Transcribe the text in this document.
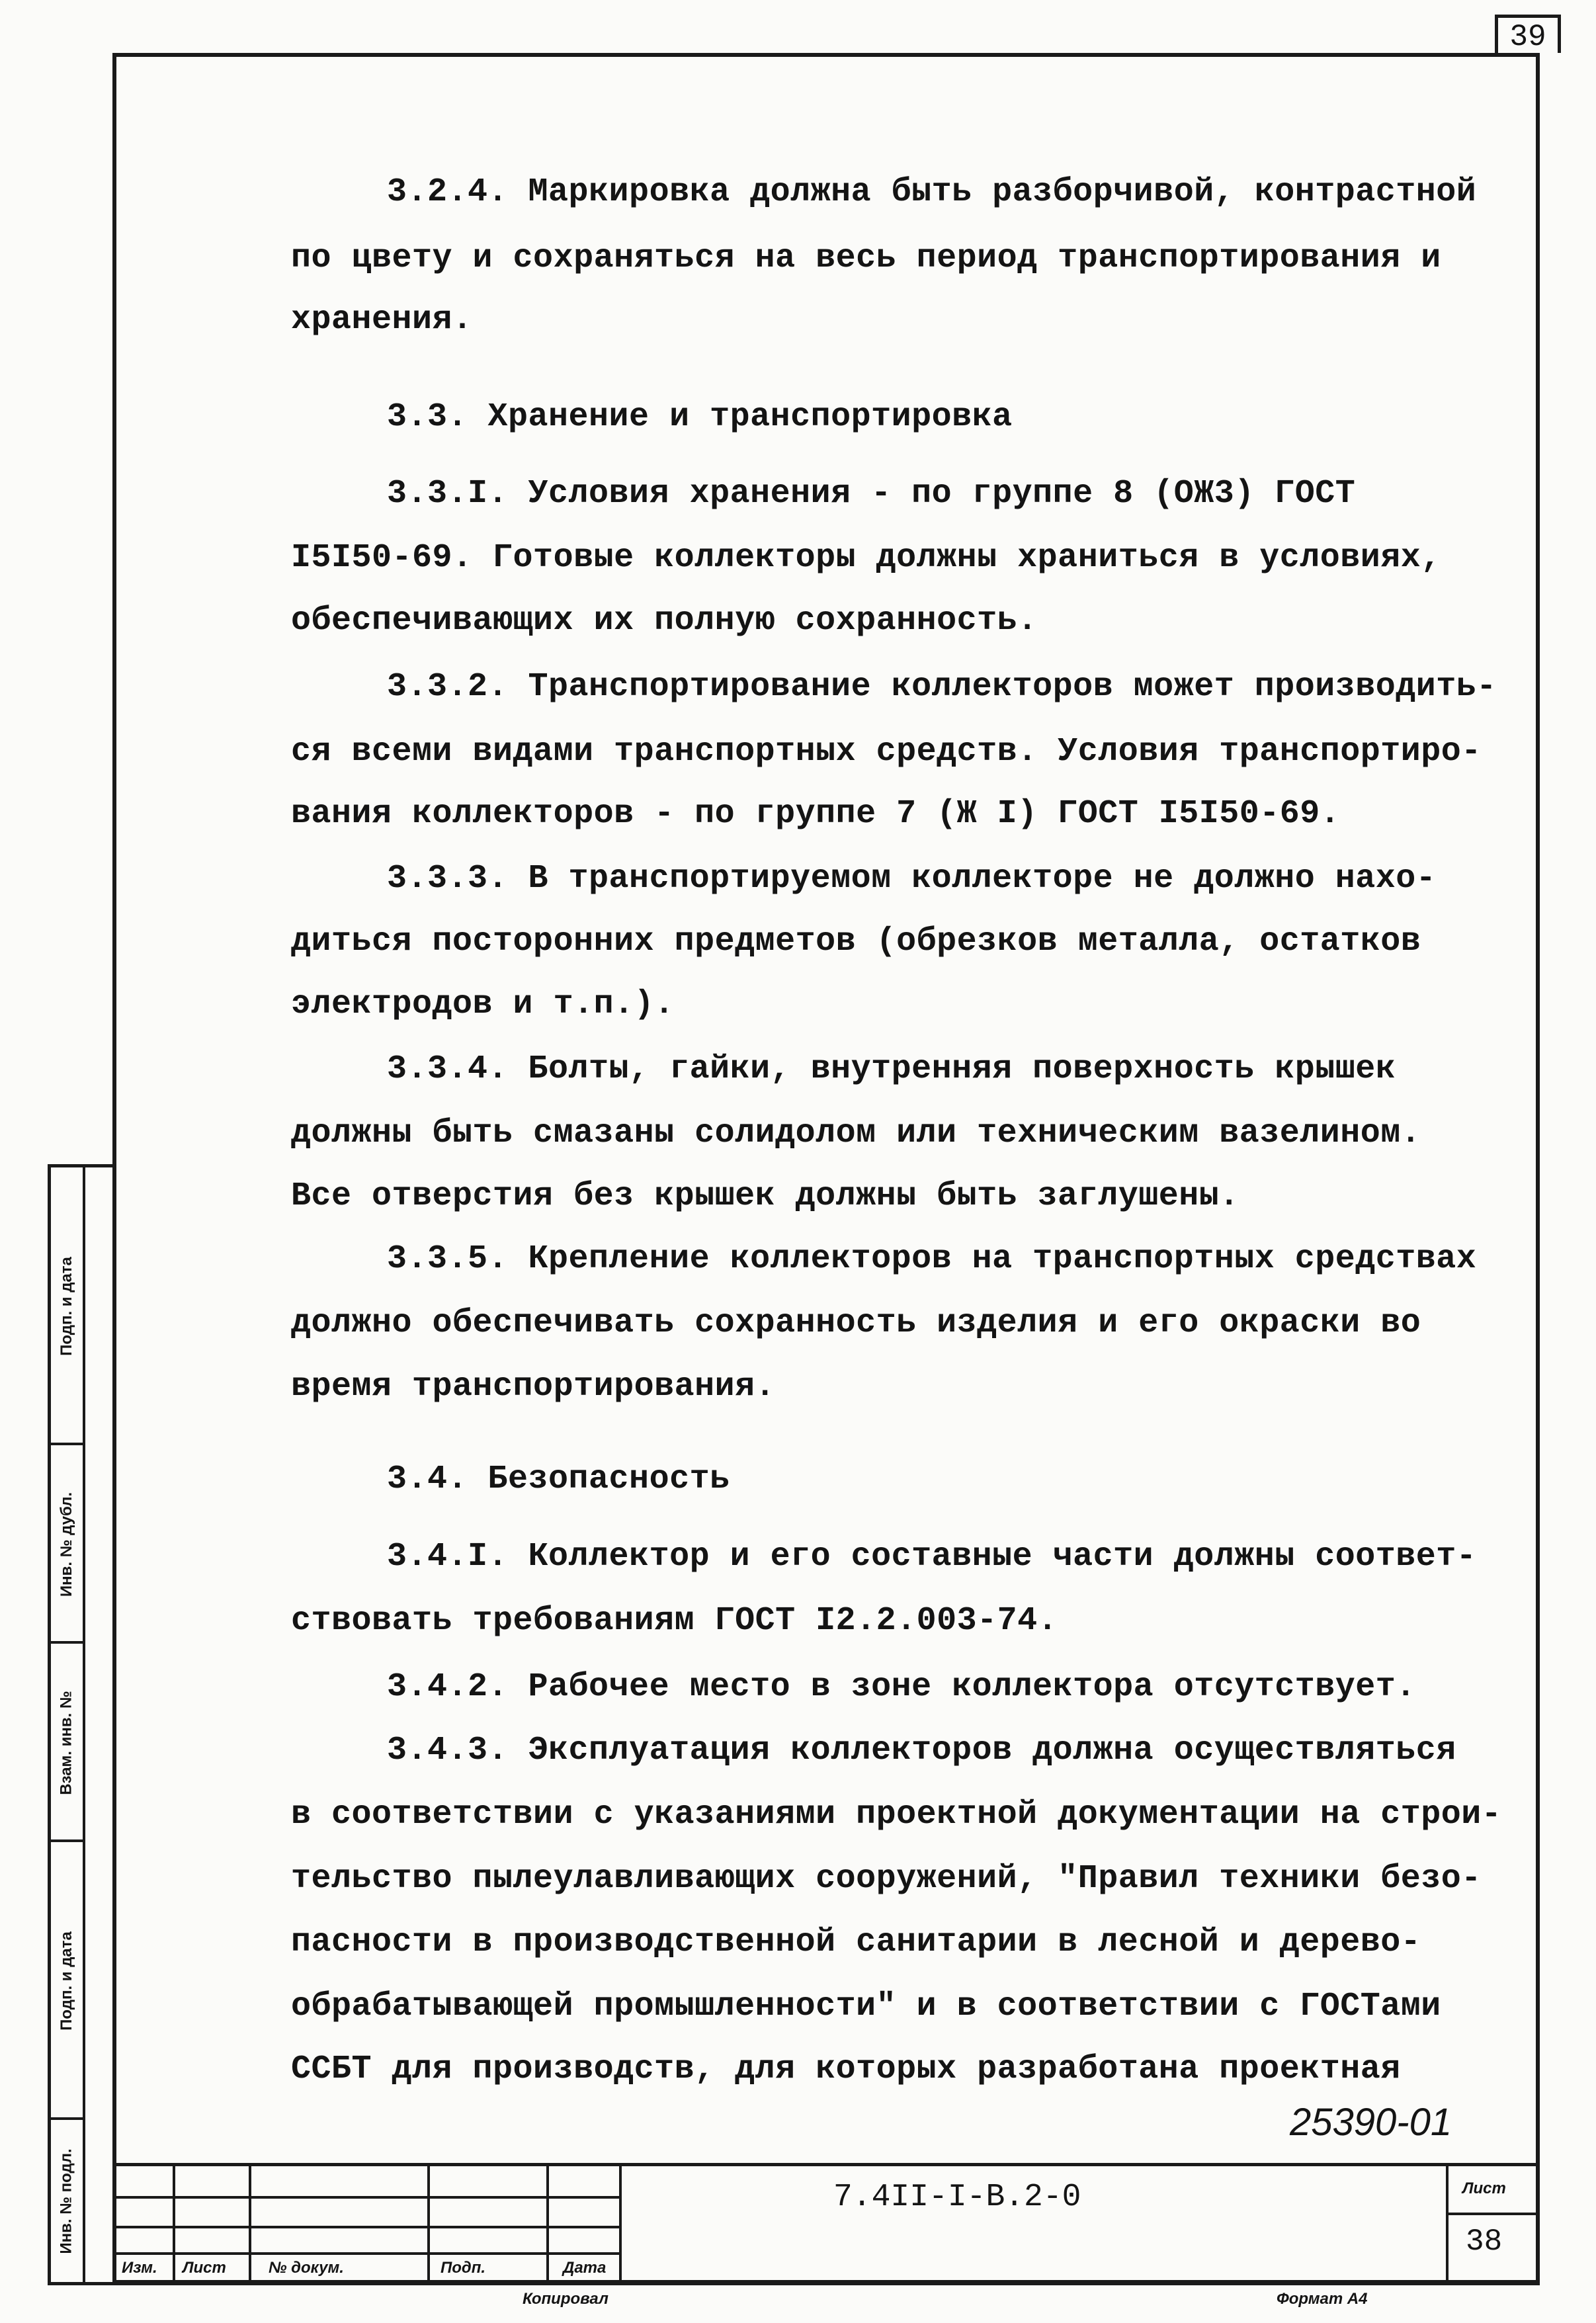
39
3.2.4. Маркировка должна быть разборчивой, контрастной
по цвету и сохраняться на весь период транспортирования и
хранения.
3.3. Хранение и транспортировка
3.3.I. Условия хранения - по группе 8 (ОЖ3) ГОСТ
I5I50-69. Готовые коллекторы должны храниться в условиях,
обеспечивающих их полную сохранность.
3.3.2. Транспортирование коллекторов может производить-
ся всеми видами транспортных средств. Условия транспортиро-
вания коллекторов - по группе 7 (Ж I) ГОСТ I5I50-69.
3.3.3. В транспортируемом коллекторе не должно нахо-
диться посторонних предметов (обрезков металла, остатков
электродов и т.п.).
3.3.4. Болты, гайки, внутренняя поверхность крышек
должны быть смазаны солидолом или техническим вазелином.
Все отверстия без крышек должны быть заглушены.
3.3.5. Крепление коллекторов на транспортных средствах
должно обеспечивать сохранность изделия и его окраски во
время транспортирования.
3.4. Безопасность
3.4.I. Коллектор и его составные части должны соответ-
ствовать требованиям ГОСТ I2.2.003-74.
3.4.2. Рабочее место в зоне коллектора отсутствует.
3.4.3. Эксплуатация коллекторов должна осуществляться
в соответствии с указаниями проектной документации на строи-
тельство пылеулавливающих сооружений, "Правил техники безо-
пасности в производственной санитарии в лесной и деревo-
обрабатывающей промышленности" и в соответствии с ГОСТами
ССБТ для производств, для которых разработана проектная
Подп. и дата
Инв. № дубл.
Взам. инв. №
Подп. и дата
Инв. № подл.
25390-01
Изм. Лист	№ докум.	Подп.	Дата
Лист
38
7.4II-I-В.2-0
Копировал	Формат А4
